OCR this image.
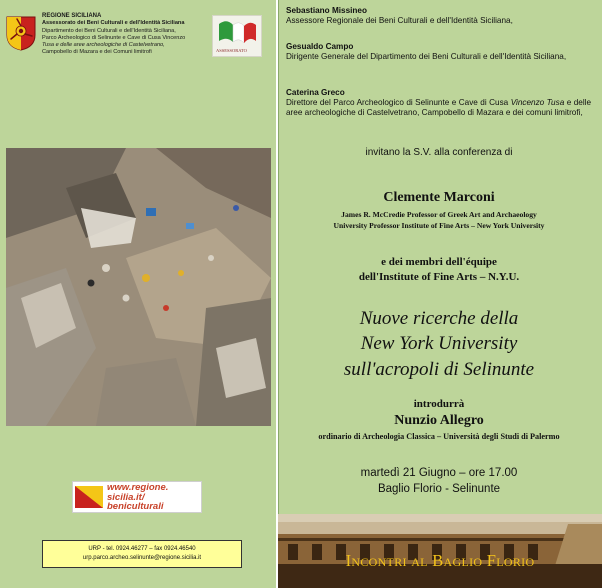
REGIONE SICILIANA
Assessorato dei Beni Culturali e dell'Identità Siciliana
Dipartimento dei Beni Culturali e dell'Identità Siciliana,
Parco Archeologico di Selinunte e Cave di Cusa Vincenzo
Tusa e delle aree archeologiche di Castelvetrano,
Campobello di Mazara e dei Comuni limitrofi	ASSESSORATO
www.regione.
sicilia.it/
beniculturali
URP - tel. 0924.46277 – fax 0924.46540
urp.parco.archeo.selinunte@regione.sicilia.it
Sebastiano Missineo
Assessore Regionale dei Beni Culturali e dell'Identità Siciliana,
Gesualdo Campo
Dirigente Generale del Dipartimento dei Beni Culturali e dell'Identità Siciliana,
Caterina Greco
Direttore del Parco Archeologico di Selinunte e Cave di Cusa Vincenzo Tusa e delle aree archeologiche di Castelvetrano, Campobello di Mazara e dei comuni limitrofi,
invitano la S.V. alla conferenza di
Clemente Marconi
James R. McCredie Professor of Greek Art and Archaeology
University Professor Institute of Fine Arts – New York University
e dei membri dell'équipe
dell'Institute of Fine Arts – N.Y.U.
Nuove ricerche della
New York University
sull'acropoli di Selinunte
introdurrà
Nunzio Allegro
ordinario di Archeologia Classica – Università degli Studi di Palermo
martedì 21 Giugno – ore 17.00
Baglio Florio - Selinunte
Incontri al Baglio Florio
